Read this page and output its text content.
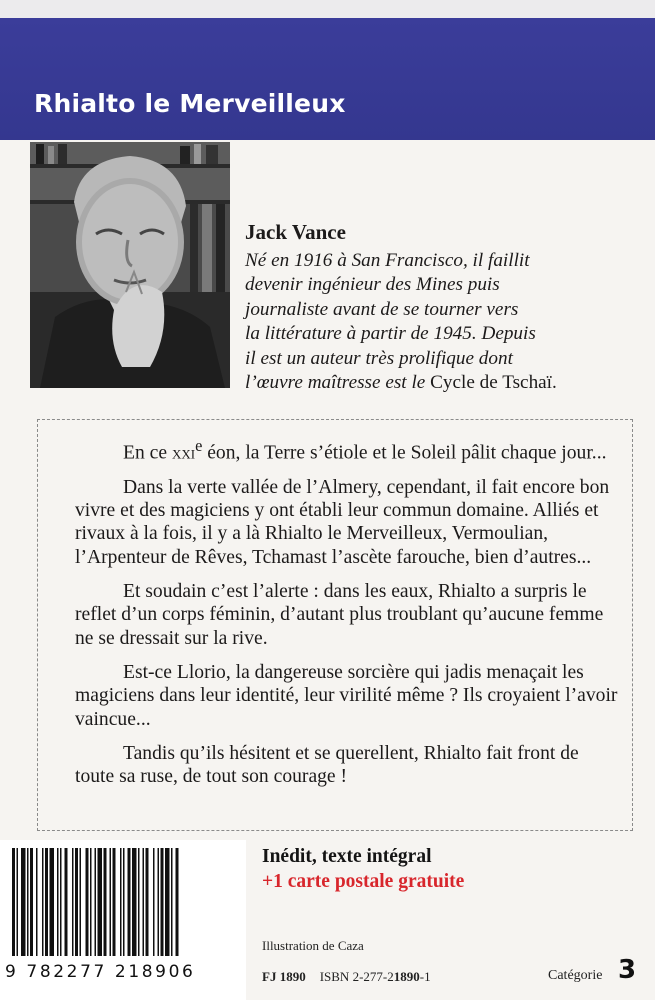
Rhialto le Merveilleux
Jack Vance
Né en 1916 à San Francisco, il faillit
devenir ingénieur des Mines puis
journaliste avant de se tourner vers
la littérature à partir de 1945. Depuis
il est un auteur très prolifique dont
l’œuvre maîtresse est le Cycle de Tschaï.

En ce xxi$^e$ éon, la Terre s’étiole et le Soleil pâlit chaque jour...

Dans la verte vallée de l’Almery, cependant, il fait encore bon vivre et des magiciens y ont établi leur commun domaine. Alliés et rivaux à la fois, il y a là Rhialto le Merveilleux, Vermoulian, l’Arpenteur de Rêves, Tchamast l’ascète farouche, bien d’autres...

Et soudain c’est l’alerte : dans les eaux, Rhialto a surpris le reflet d’un corps féminin, d’autant plus troublant qu’aucune femme ne se dressait sur la rive.

Est-ce Llorio, la dangereuse sorcière qui jadis menaçait les magiciens dans leur identité, leur virilité même ? Ils croyaient l’avoir vaincue...

Tandis qu’ils hésitent et se querellent, Rhialto fait front de toute sa ruse, de tout son courage !

9 782277 218906
Inédit, texte intégral
+1 carte postale gratuite
Illustration de Caza
FJ 1890 ISBN 2-277-21890-1	Catégorie 3
